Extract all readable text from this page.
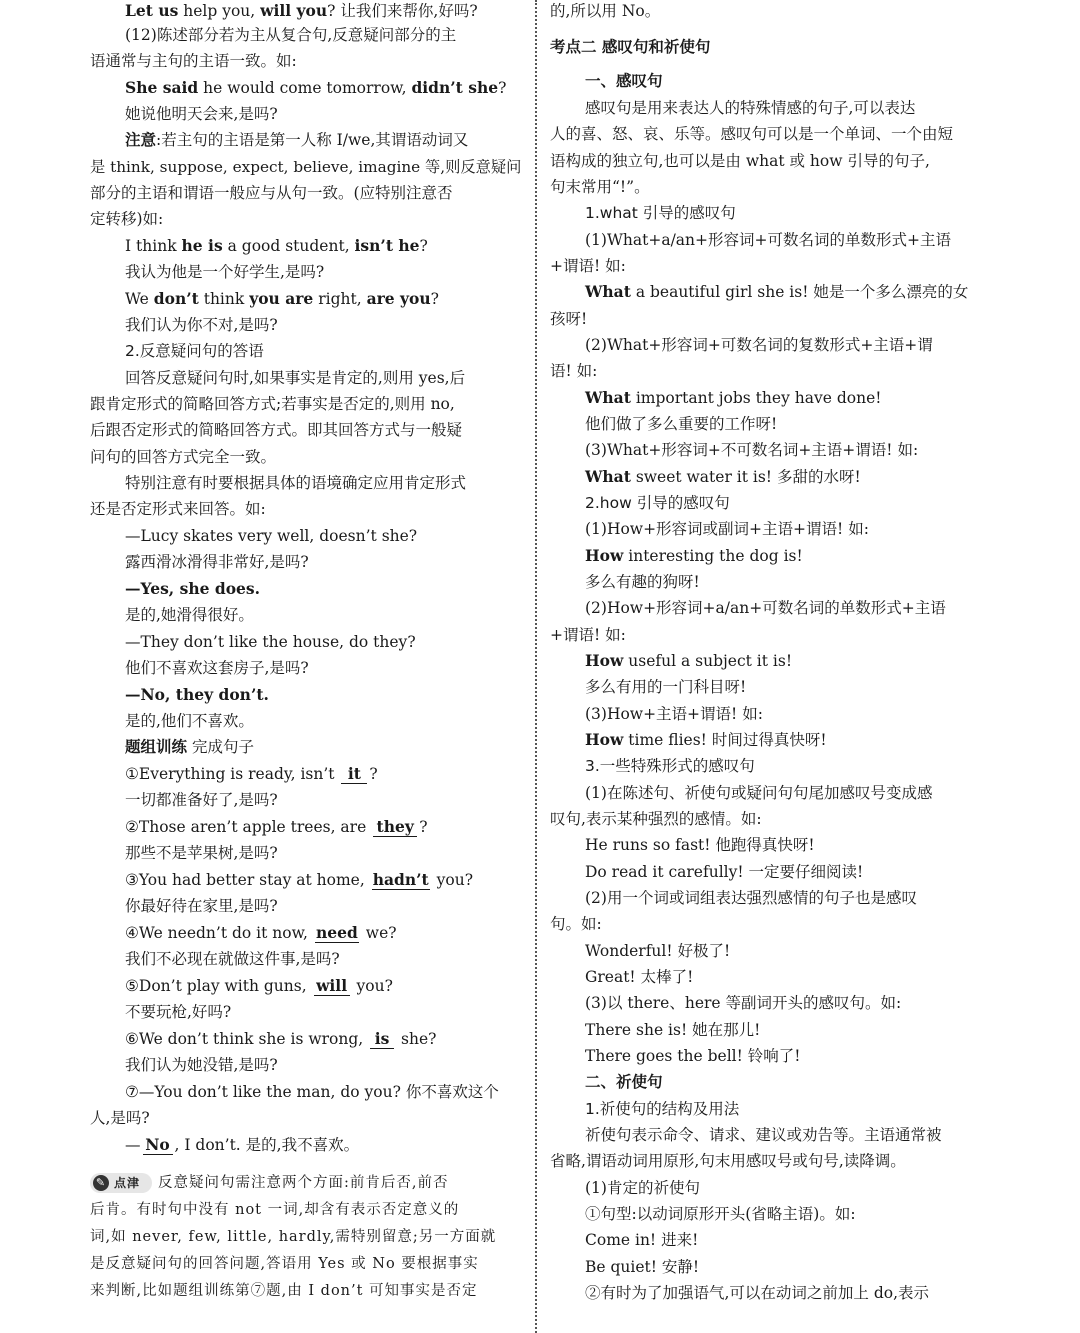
Let us help you, will you? 让我们来帮你,好吗?
(12)陈述部分若为主从复合句,反意疑问部分的主
语通常与主句的主语一致。如:
She said he would come tomorrow, didn’t she?
她说他明天会来,是吗?
注意:若主句的主语是第一人称 I/we,其谓语动词又
是 think, suppose, expect, believe, imagine 等,则反意疑问
部分的主语和谓语一般应与从句一致。(应特别注意否
定转移)如:
I think he is a good student, isn’t he?
我认为他是一个好学生,是吗?
We don’t think you are right, are you?
我们认为你不对,是吗?
2.反意疑问句的答语
回答反意疑问句时,如果事实是肯定的,则用 yes,后
跟肯定形式的简略回答方式;若事实是否定的,则用 no,
后跟否定形式的简略回答方式。即其回答方式与一般疑
问句的回答方式完全一致。
特别注意有时要根据具体的语境确定应用肯定形式
还是否定形式来回答。如:
—Lucy skates very well, doesn’t she?
露西滑冰滑得非常好,是吗?
—Yes, she does.
是的,她滑得很好。
—They don’t like the house, do they?
他们不喜欢这套房子,是吗?
—No, they don’t.
是的,他们不喜欢。
题组训练 完成句子
①Everything is ready, isn’t it ?
一切都准备好了,是吗?
②Those aren’t apple trees, are they ?
那些不是苹果树,是吗?
③You had better stay at home, hadn’t you?
你最好待在家里,是吗?
④We needn’t do it now, need we?
我们不必现在就做这件事,是吗?
⑤Don’t play with guns, will you?
不要玩枪,好吗?
⑥We don’t think she is wrong, is she?
我们认为她没错,是吗?
⑦—You don’t like the man, do you? 你不喜欢这个
人,是吗?
— No , I don’t. 是的,我不喜欢。
✎ 点津 反意疑问句需注意两个方面:前肯后否,前否
后肯。有时句中没有 not 一词,却含有表示否定意义的
词,如 never, few, little, hardly,需特别留意;另一方面就
是反意疑问句的回答问题,答语用 Yes 或 No 要根据事实
来判断,比如题组训练第⑦题,由 I don’t 可知事实是否定
的,所以用 No。
考点二 感叹句和祈使句
一、感叹句
感叹句是用来表达人的特殊情感的句子,可以表达
人的喜、怒、哀、乐等。感叹句可以是一个单词、一个由短
语构成的独立句,也可以是由 what 或 how 引导的句子,
句末常用“!”。
1.what 引导的感叹句
(1)What+a/an+形容词+可数名词的单数形式+主语
+谓语! 如:
What a beautiful girl she is! 她是一个多么漂亮的女
孩呀!
(2)What+形容词+可数名词的复数形式+主语+谓
语! 如:
What important jobs they have done!
他们做了多么重要的工作呀!
(3)What+形容词+不可数名词+主语+谓语! 如:
What sweet water it is! 多甜的水呀!
2.how 引导的感叹句
(1)How+形容词或副词+主语+谓语! 如:
How interesting the dog is!
多么有趣的狗呀!
(2)How+形容词+a/an+可数名词的单数形式+主语
+谓语! 如:
How useful a subject it is!
多么有用的一门科目呀!
(3)How+主语+谓语! 如:
How time flies! 时间过得真快呀!
3.一些特殊形式的感叹句
(1)在陈述句、祈使句或疑问句句尾加感叹号变成感
叹句,表示某种强烈的感情。如:
He runs so fast! 他跑得真快呀!
Do read it carefully! 一定要仔细阅读!
(2)用一个词或词组表达强烈感情的句子也是感叹
句。如:
Wonderful! 好极了!
Great! 太棒了!
(3)以 there、here 等副词开头的感叹句。如:
There she is! 她在那儿!
There goes the bell! 铃响了!
二、祈使句
1.祈使句的结构及用法
祈使句表示命令、请求、建议或劝告等。主语通常被
省略,谓语动词用原形,句末用感叹号或句号,读降调。
(1)肯定的祈使句
①句型:以动词原形开头(省略主语)。如:
Come in! 进来!
Be quiet! 安静!
②有时为了加强语气,可以在动词之前加上 do,表示
